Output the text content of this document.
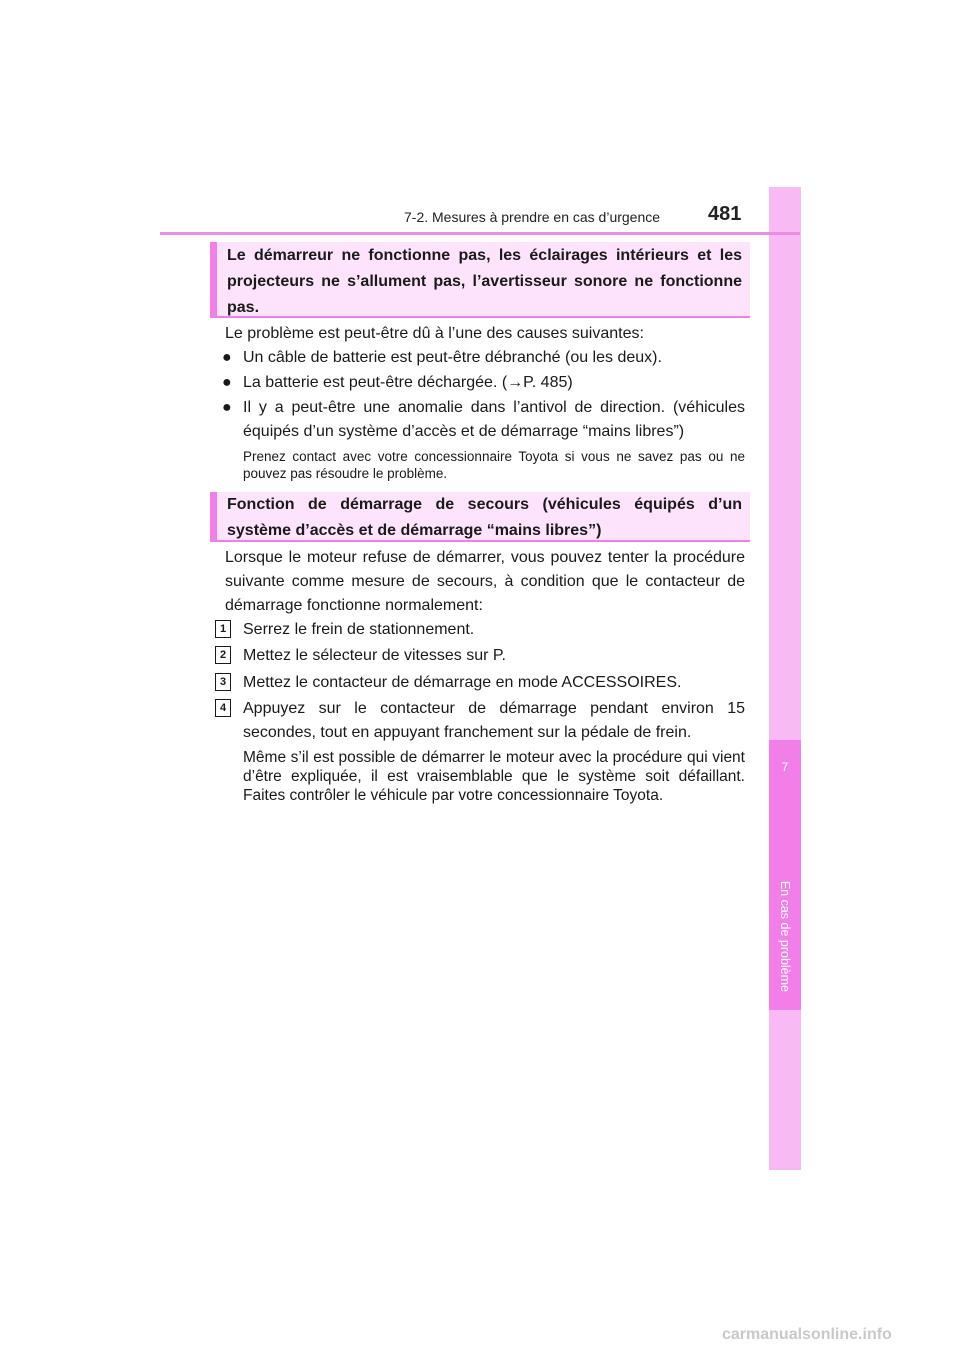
7
En cas de problème
7-2. Mesures à prendre en cas d’urgence 481
Le démarreur ne fonctionne pas, les éclairages intérieurs et les projecteurs ne s’allument pas, l’avertisseur sonore ne fonctionne pas.
Le problème est peut-être dû à l’une des causes suivantes:
● Un câble de batterie est peut-être débranché (ou les deux).
● La batterie est peut-être déchargée. (→P. 485)
● Il y a peut-être une anomalie dans l’antivol de direction. (véhicules équipés d’un système d’accès et de démarrage “mains libres”)
Prenez contact avec votre concessionnaire Toyota si vous ne savez pas ou ne pouvez pas résoudre le problème.
Fonction de démarrage de secours (véhicules équipés d’un système d’accès et de démarrage “mains libres”)
Lorsque le moteur refuse de démarrer, vous pouvez tenter la procédure suivante comme mesure de secours, à condition que le contacteur de démarrage fonctionne normalement:
1	Serrez le frein de stationnement.
2	Mettez le sélecteur de vitesses sur P.
3	Mettez le contacteur de démarrage en mode ACCESSOIRES.
4	Appuyez sur le contacteur de démarrage pendant environ 15 secondes, tout en appuyant franchement sur la pédale de frein.
Même s’il est possible de démarrer le moteur avec la procédure qui vient d’être expliquée, il est vraisemblable que le système soit défaillant. Faites contrôler le véhicule par votre concessionnaire Toyota.
carmanualsonline.info
